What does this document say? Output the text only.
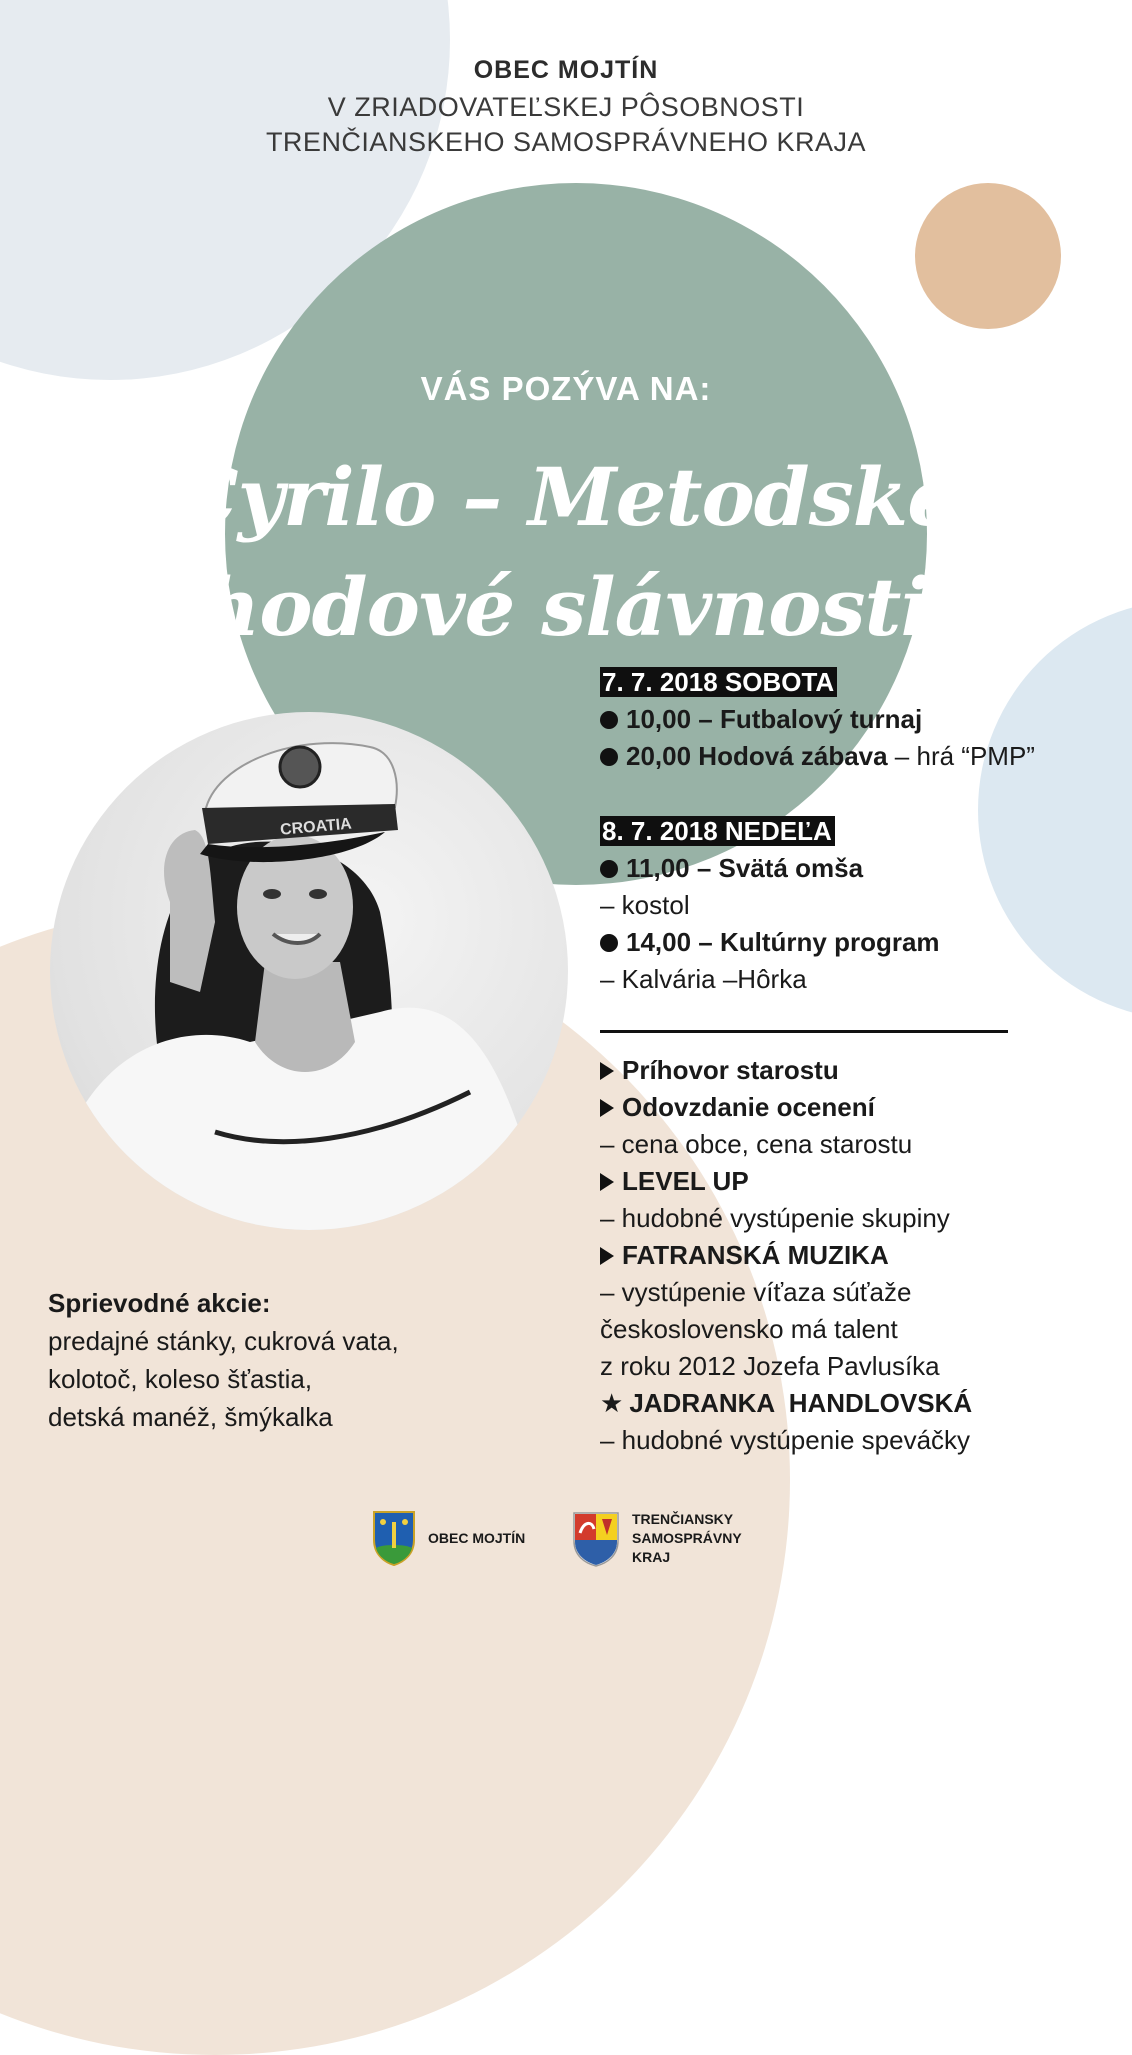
OBEC MOJTÍN
V ZRIADOVATEĽSKEJ PÔSOBNOSTI
TRENČIANSKEHO SAMOSPRÁVNEHO KRAJA
VÁS POZÝVA NA:
Cyrilo – Metodské
hodové slávnosti
CROATIA
7. 7. 2018 SOBOTA
10,00 – Futbalový turnaj
20,00 Hodová zábava – hrá “PMP”
8. 7. 2018 NEDEĽA
11,00 – Svätá omša
– kostol
14,00 – Kultúrny program
– Kalvária –Hôrka
Príhovor starostu
Odovzdanie ocenení
– cena obce, cena starostu
LEVEL UP
– hudobné vystúpenie skupiny
FATRANSKÁ MUZIKA
– vystúpenie víťaza súťaže
československo má talent
z roku 2012 Jozefa Pavlusíka
★ JADRANKA  HANDLOVSKÁ
– hudobné vystúpenie speváčky
Sprievodné akcie:
predajné stánky, cukrová vata,
kolotoč, koleso šťastia,
detská manéž, šmýkalka
OBEC MOJTÍN
TRENČIANSKY
SAMOSPRÁVNY
KRAJ
